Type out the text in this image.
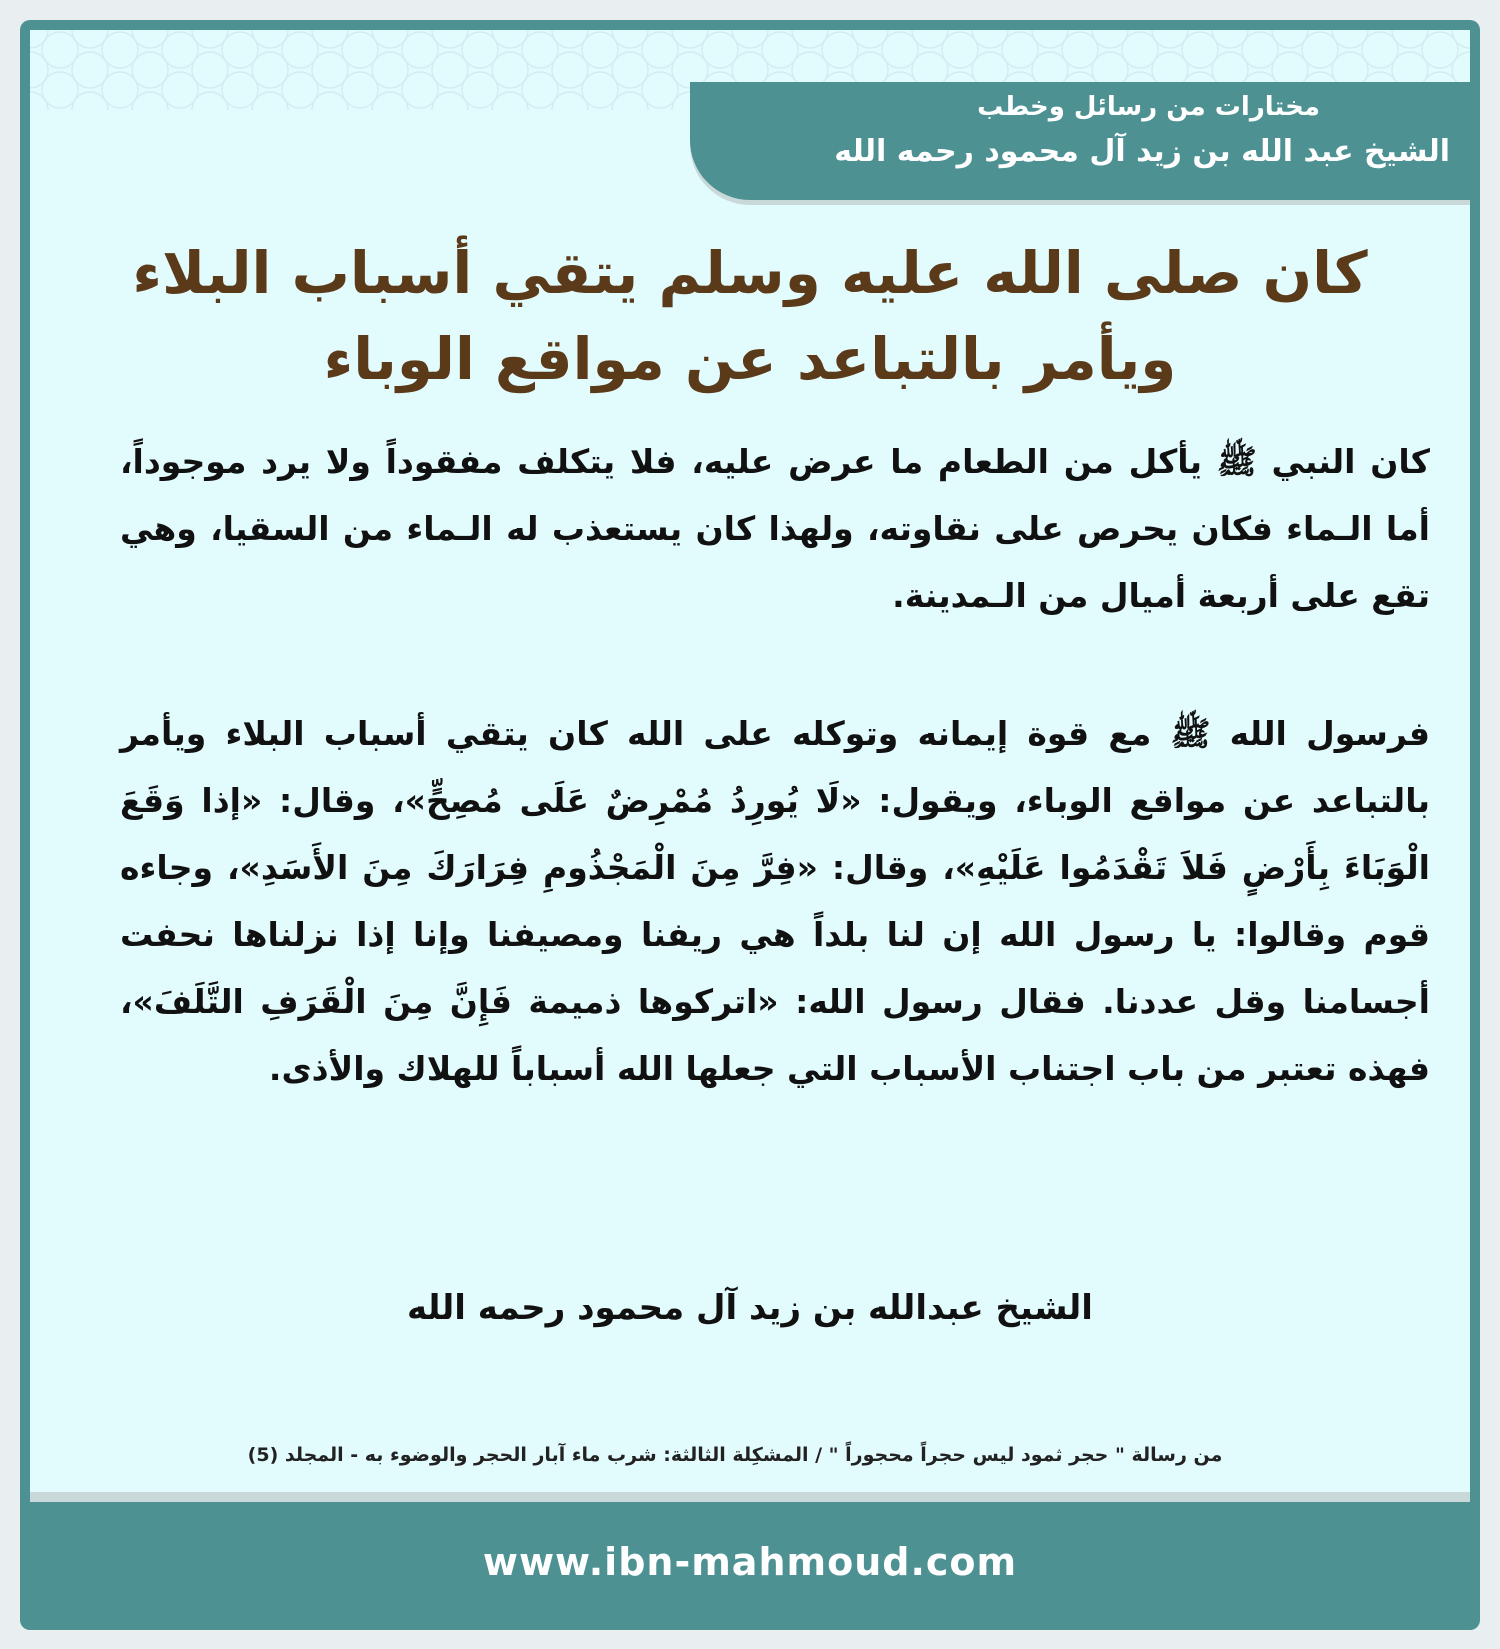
مختارات من رسائل وخطب
الشيخ عبد الله بن زيد آل محمود رحمه الله
كان صلى الله عليه وسلم يتقي أسباب البلاء
ويأمر بالتباعد عن مواقع الوباء
كان النبي ﷺ يأكل من الطعام ما عرض عليه، فلا يتكلف مفقوداً ولا يرد موجوداً، أما الـماء فكان يحرص على نقاوته، ولهذا كان يستعذب له الـماء من السقيا، وهي تقع على أربعة أميال من الـمدينة.
فرسول الله ﷺ مع قوة إيمانه وتوكله على الله كان يتقي أسباب البلاء ويأمر بالتباعد عن مواقع الوباء، ويقول: «لَا يُورِدُ مُمْرِضٌ عَلَى مُصِحٍّ»، وقال: «إذا وَقَعَ الْوَبَاءَ بِأَرْضٍ فَلاَ تَقْدَمُوا عَلَيْهِ»، وقال: «فِرَّ مِنَ الْمَجْذُومِ فِرَارَكَ مِنَ الأَسَدِ»، وجاءه قوم وقالوا: يا رسول الله إن لنا بلداً هي ريفنا ومصيفنا وإنا إذا نزلناها نحفت أجسامنا وقل عددنا. فقال رسول الله: «اتركوها ذميمة فَإِنَّ مِنَ الْقَرَفِ التَّلَفَ»، فهذه تعتبر من باب اجتناب الأسباب التي جعلها الله أسباباً للهلاك والأذى.
الشيخ عبدالله بن زيد آل محمود رحمه الله
من رسالة " حجر ثمود ليس حجراً محجوراً " / المشكِلة الثالثة: شرب ماء آبار الحجر والوضوء به - المجلد (5)
www.ibn-mahmoud.com
